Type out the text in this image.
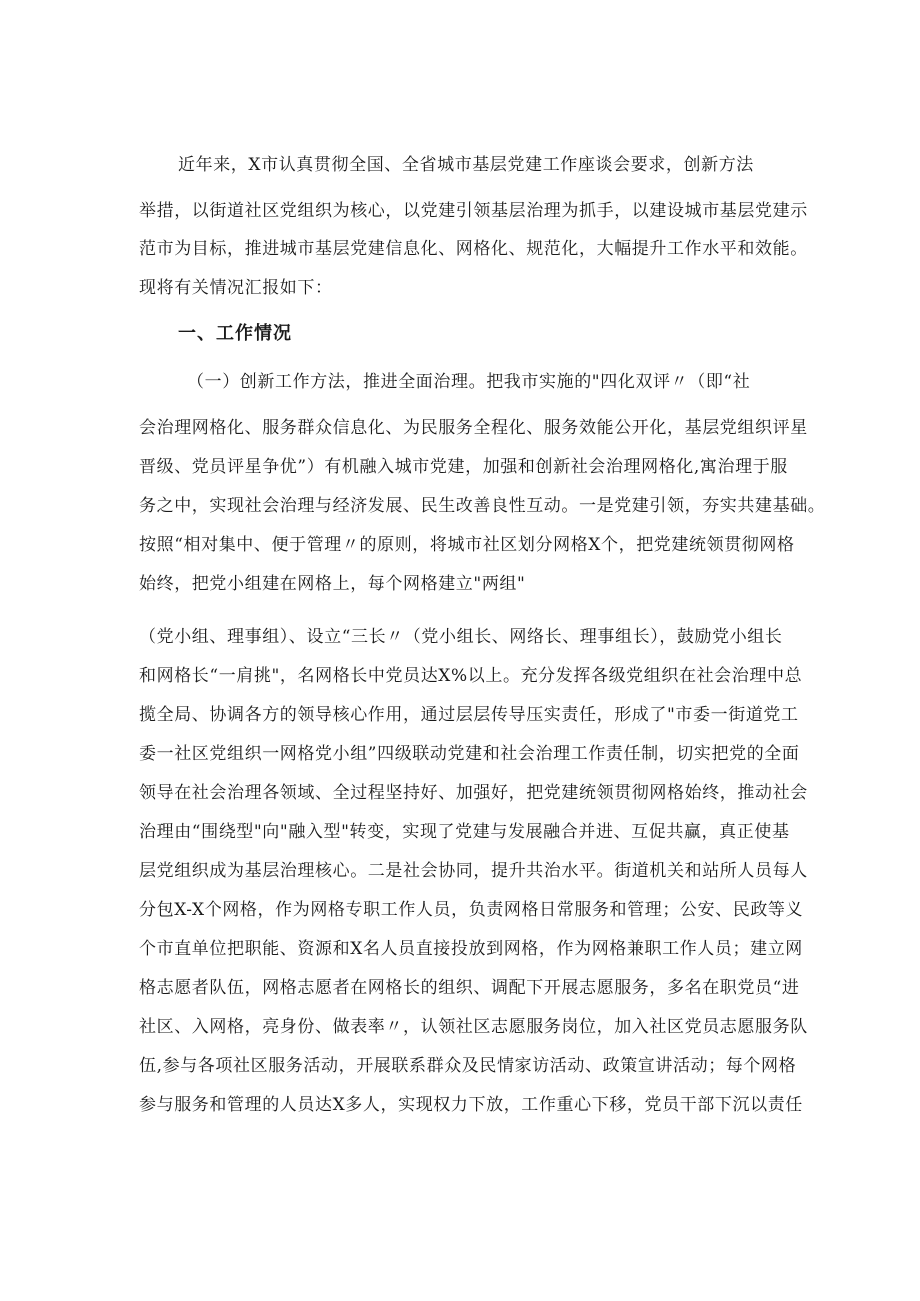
近年来，X市认真贯彻全国、全省城市基层党建工作座谈会要求，创新方法
举措，以街道社区党组织为核心，以党建引领基层治理为抓手，以建设城市基层党建示
范市为目标，推进城市基层党建信息化、网格化、规范化，大幅提升工作水平和效能。
现将有关情况汇报如下：
一、工作情况
（一）创新工作方法，推进全面治理。把我市实施的"四化双评〃（即“社
会治理网格化、服务群众信息化、为民服务全程化、服务效能公开化，基层党组织评星
晋级、党员评星争优”）有机融入城市党建，加强和创新社会治理网格化,寓治理于服
务之中，实现社会治理与经济发展、民生改善良性互动。一是党建引领，夯实共建基础。
按照“相对集中、便于管理〃的原则，将城市社区划分网格X个，把党建统领贯彻网格
始终，把党小组建在网格上，每个网格建立"两组"
（党小组、理事组）、设立“三长〃（党小组长、网络长、理事组长），鼓励党小组长
和网格长“一肩挑"，名网格长中党员达X%以上。充分发挥各级党组织在社会治理中总
揽全局、协调各方的领导核心作用，通过层层传导压实责任，形成了"市委一街道党工
委一社区党组织一网格党小组”四级联动党建和社会治理工作责任制，切实把党的全面
领导在社会治理各领域、全过程坚持好、加强好，把党建统领贯彻网格始终，推动社会
治理由“围绕型"向"融入型"转变，实现了党建与发展融合并进、互促共赢，真正使基
层党组织成为基层治理核心。二是社会协同，提升共治水平。街道机关和站所人员每人
分包X-X个网格，作为网格专职工作人员，负责网格日常服务和管理；公安、民政等义
个市直单位把职能、资源和X名人员直接投放到网格，作为网格兼职工作人员；建立网
格志愿者队伍，网格志愿者在网格长的组织、调配下开展志愿服务，多名在职党员“进
社区、入网格，亮身份、做表率〃，认领社区志愿服务岗位，加入社区党员志愿服务队
伍,参与各项社区服务活动，开展联系群众及民情家访活动、政策宣讲活动；每个网格
参与服务和管理的人员达X多人，实现权力下放，工作重心下移，党员干部下沉以责任
